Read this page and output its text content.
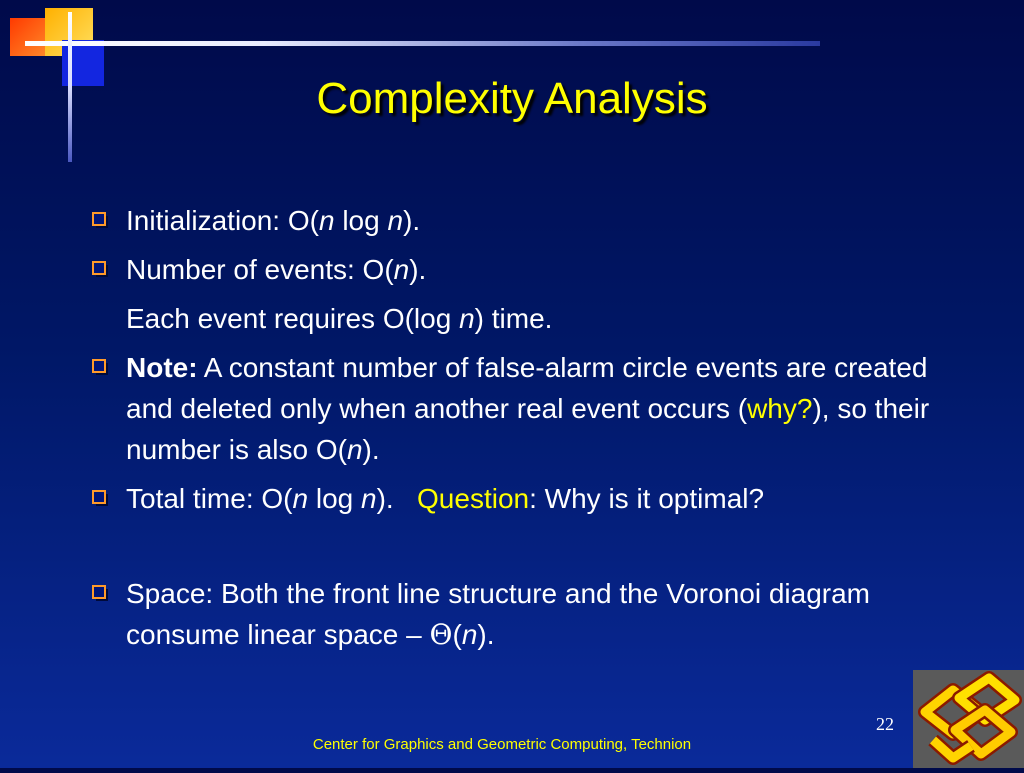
Complexity Analysis
Initialization: O(n log n).
Number of events: O(n).
Each event requires O(log n) time.
Note: A constant number of false-alarm circle events are created and deleted only when another real event occurs (why?), so their number is also O(n).
Total time: O(n log n).   Question: Why is it optimal?
Space: Both the front line structure and the Voronoi diagram consume linear space – Θ(n).
22
Center for Graphics and Geometric Computing, Technion
